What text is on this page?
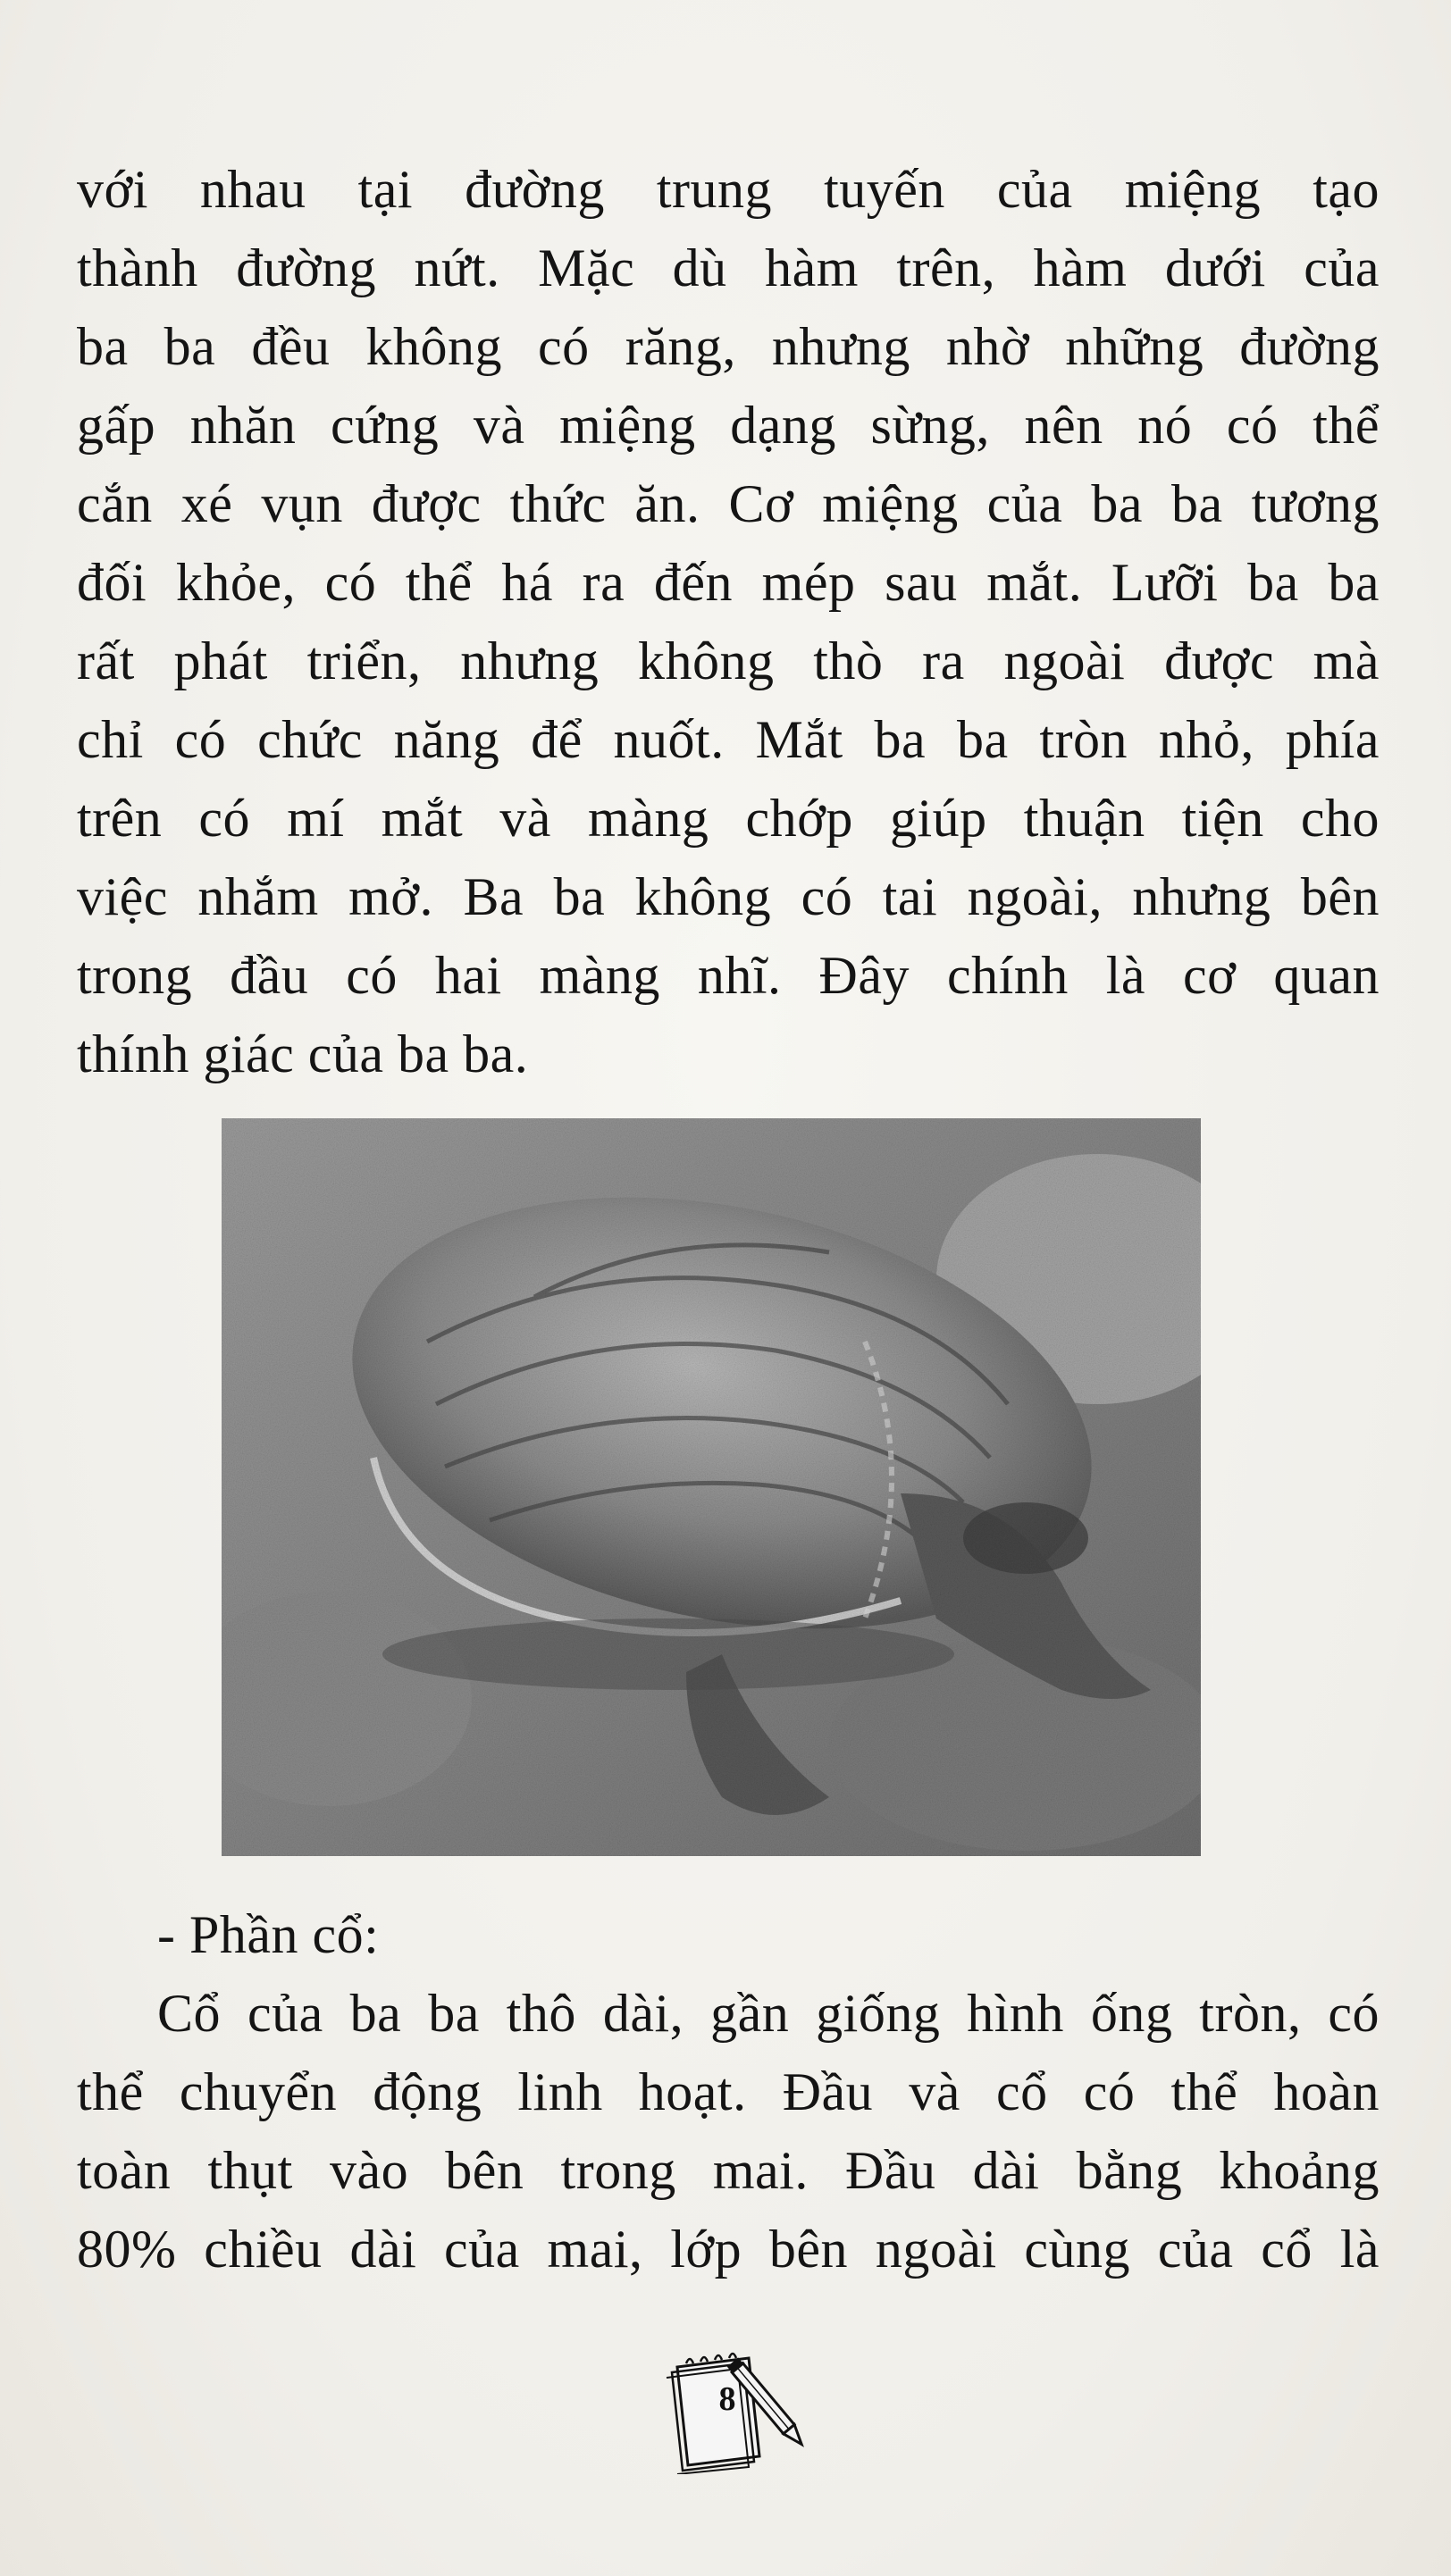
với nhau tại đường trung tuyến của miệng tạo
thành đường nứt. Mặc dù hàm trên, hàm dưới của
ba ba đều không có răng, nhưng nhờ những đường
gấp nhăn cứng và miệng dạng sừng, nên nó có thể
cắn xé vụn được thức ăn. Cơ miệng của ba ba tương
đối khỏe, có thể há ra đến mép sau mắt. Lưỡi ba ba
rất phát triển, nhưng không thò ra ngoài được mà
chỉ có chức năng để nuốt. Mắt ba ba tròn nhỏ, phía
trên có mí mắt và màng chớp giúp thuận tiện cho
việc nhắm mở. Ba ba không có tai ngoài, nhưng bên
trong đầu có hai màng nhĩ. Đây chính là cơ quan
thính giác của ba ba.
- Phần cổ:
Cổ của ba ba thô dài, gần giống hình ống tròn, có
thể chuyển động linh hoạt. Đầu và cổ có thể hoàn
toàn thụt vào bên trong mai. Đầu dài bằng khoảng
80% chiều dài của mai, lớp bên ngoài cùng của cổ là
8
